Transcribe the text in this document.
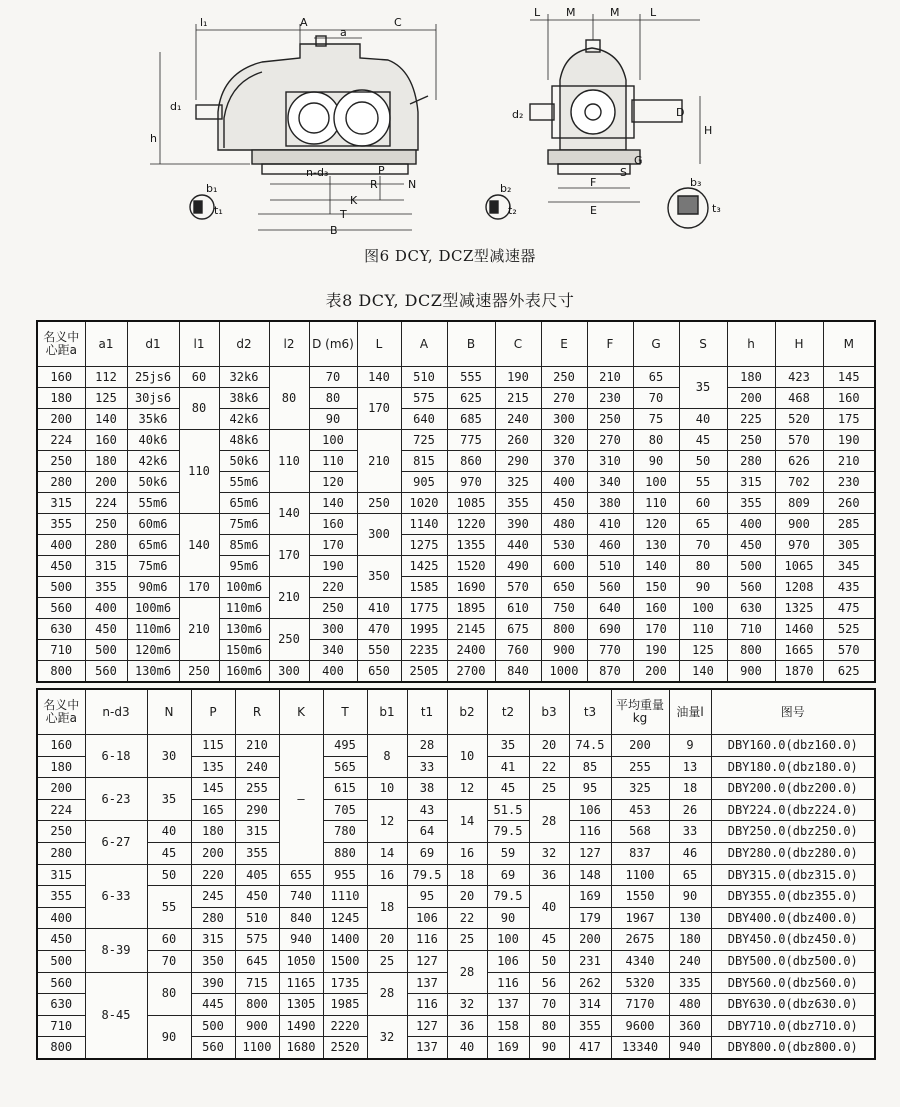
l₁	A	C
a
P
R	N
K
T
B
n-d₃
h
d₁
b₁
t₁
L M	M	L
d₂	D
S
G
F
E
H
b₂
t₂
b₃
t₃
图6 DCY, DCZ型减速器
表8 DCY, DCZ型减速器外表尺寸
名义中心距a	a1	d1	l1	d2	l2	D (m6)	L	A	B	C	E	F	G	S	h	H	M
160	112	25js6	60	32k6	80	70	140	510	555	190	250	210	65	35	180	423	145
180	125	30js6	80	38k6		80	170	575	625	215	270	230	70		200	468	160
200	140	35k6		42k6		90		640	685	240	300	250	75	40	225	520	175
224	160	40k6	110	48k6	110	100	210	725	775	260	320	270	80	45	250	570	190
250	180	42k6		50k6		110		815	860	290	370	310	90	50	280	626	210
280	200	50k6		55m6		120		905	970	325	400	340	100	55	315	702	230
315	224	55m6		65m6	140	140	250	1020	1085	355	450	380	110	60	355	809	260
355	250	60m6	140	75m6		160	300	1140	1220	390	480	410	120	65	400	900	285
400	280	65m6		85m6	170	170		1275	1355	440	530	460	130	70	450	970	305
450	315	75m6		95m6		190	350	1425	1520	490	600	510	140	80	500	1065	345
500	355	90m6	170	100m6	210	220		1585	1690	570	650	560	150	90	560	1208	435
560	400	100m6	210	110m6		250	410	1775	1895	610	750	640	160	100	630	1325	475
630	450	110m6		130m6	250	300	470	1995	2145	675	800	690	170	110	710	1460	525
710	500	120m6		150m6		340	550	2235	2400	760	900	770	190	125	800	1665	570
800	560	130m6	250	160m6	300	400	650	2505	2700	840	1000	870	200	140	900	1870	625
名义中心距a	n-d3	N	P	R	K	T	b1	t1	b2	t2	b3	t3	平均重量kg	油量l	图号
160	6-18	30	115	210	—	495	8	28	10	35	20	74.5	200	9	DBY160.0(dbz160.0)
180			135	240		565		33		41	22	85	255	13	DBY180.0(dbz180.0)
200	6-23	35	145	255		615	10	38	12	45	25	95	325	18	DBY200.0(dbz200.0)
224			165	290		705	12	43	14	51.5	28	106	453	26	DBY224.0(dbz224.0)
250	6-27	40	180	315		780		64		79.5		116	568	33	DBY250.0(dbz250.0)
280		45	200	355		880	14	69	16	59	32	127	837	46	DBY280.0(dbz280.0)
315	6-33	50	220	405	655	955	16	79.5	18	69	36	148	1100	65	DBY315.0(dbz315.0)
355		55	245	450	740	1110	18	95	20	79.5	40	169	1550	90	DBY355.0(dbz355.0)
400			280	510	840	1245		106	22	90		179	1967	130	DBY400.0(dbz400.0)
450	8-39	60	315	575	940	1400	20	116	25	100	45	200	2675	180	DBY450.0(dbz450.0)
500		70	350	645	1050	1500	25	127	28	106	50	231	4340	240	DBY500.0(dbz500.0)
560	8-45	80	390	715	1165	1735	28	137		116	56	262	5320	335	DBY560.0(dbz560.0)
630			445	800	1305	1985		116	32	137	70	314	7170	480	DBY630.0(dbz630.0)
710		90	500	900	1490	2220	32	127	36	158	80	355	9600	360	DBY710.0(dbz710.0)
800			560	1100	1680	2520		137	40	169	90	417	13340	940	DBY800.0(dbz800.0)
